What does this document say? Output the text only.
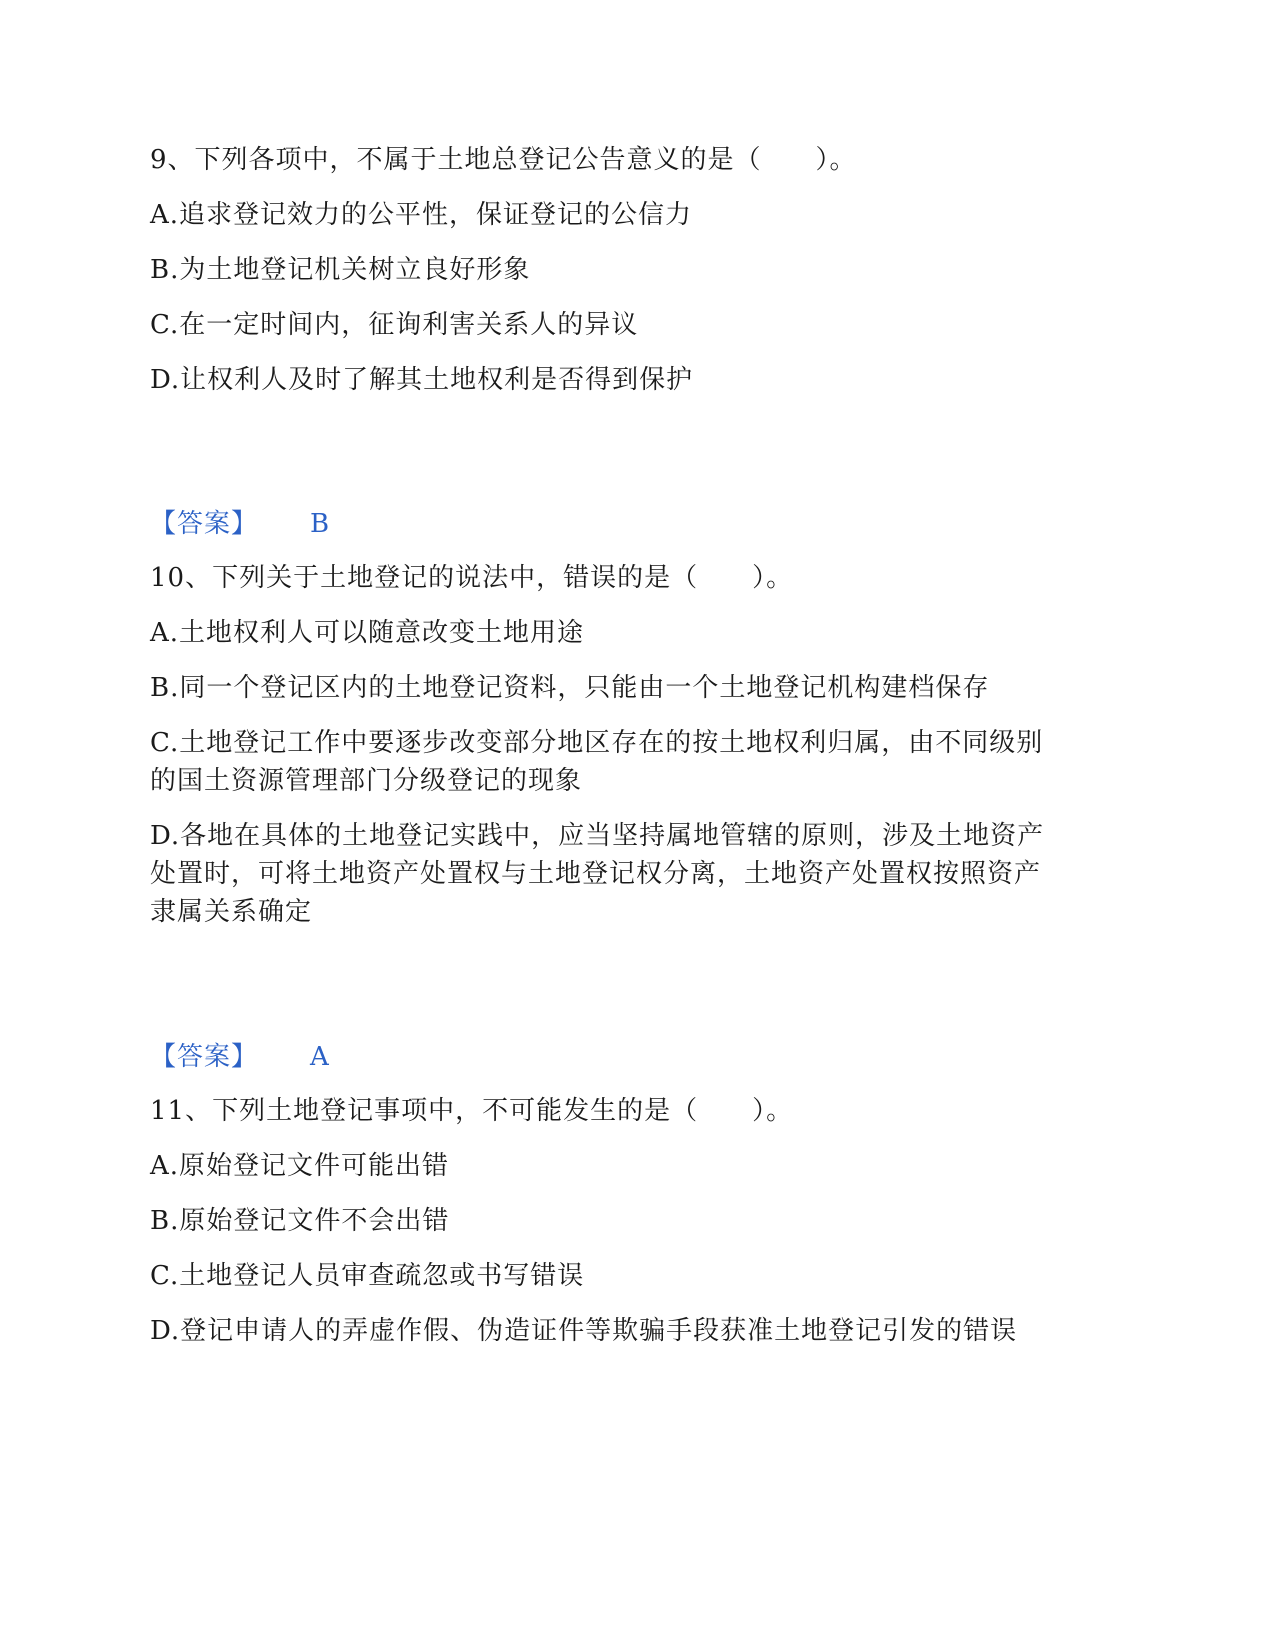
9、下列各项中，不属于土地总登记公告意义的是（　　）。
A.追求登记效力的公平性，保证登记的公信力
B.为土地登记机关树立良好形象
C.在一定时间内，征询利害关系人的异议
D.让权利人及时了解其土地权利是否得到保护
【答案】 B
10、下列关于土地登记的说法中，错误的是（　　）。
A.土地权利人可以随意改变土地用途
B.同一个登记区内的土地登记资料，只能由一个土地登记机构建档保存
C.土地登记工作中要逐步改变部分地区存在的按土地权利归属，由不同级别
的国土资源管理部门分级登记的现象
D.各地在具体的土地登记实践中，应当坚持属地管辖的原则，涉及土地资产
处置时，可将土地资产处置权与土地登记权分离，土地资产处置权按照资产
隶属关系确定
【答案】 A
11、下列土地登记事项中，不可能发生的是（　　）。
A.原始登记文件可能出错
B.原始登记文件不会出错
C.土地登记人员审查疏忽或书写错误
D.登记申请人的弄虚作假、伪造证件等欺骗手段获准土地登记引发的错误
